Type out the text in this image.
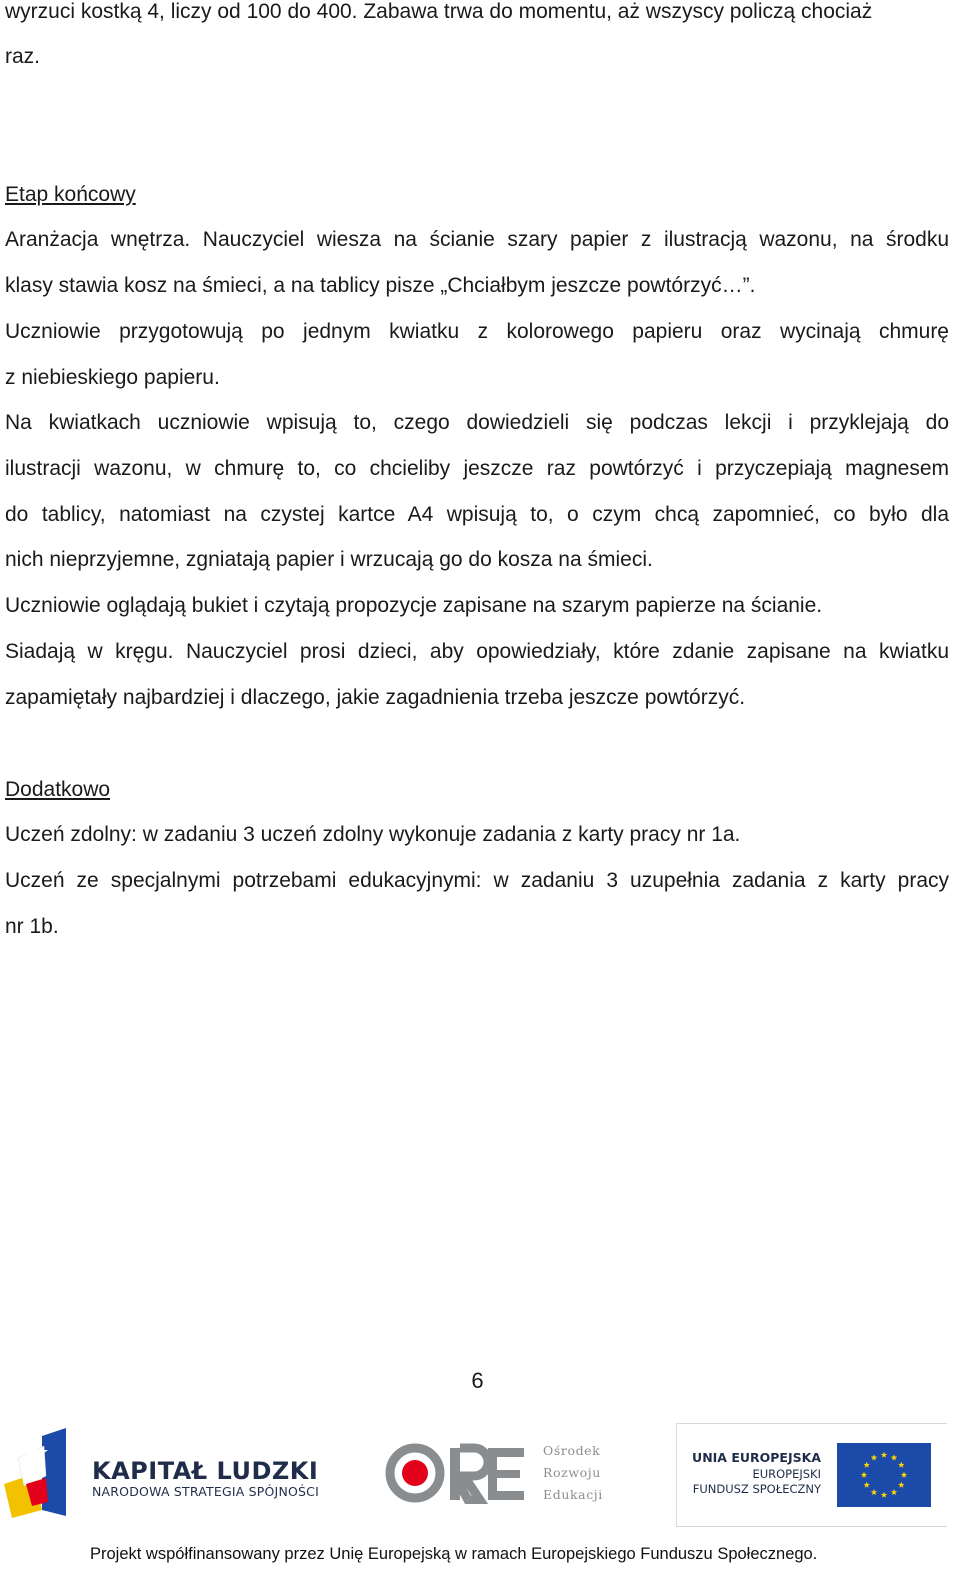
wyrzuci kostką 4, liczy od 100 do 400. Zabawa trwa do momentu, aż wszyscy policzą chociaż
raz.
Etap końcowy
Aranżacja wnętrza. Nauczyciel wiesza na ścianie szary papier z ilustracją wazonu, na środku
klasy stawia kosz na śmieci, a na tablicy pisze „Chciałbym jeszcze powtórzyć…”.
Uczniowie przygotowują po jednym kwiatku z kolorowego papieru oraz wycinają chmurę
z niebieskiego papieru.
Na kwiatkach uczniowie wpisują to, czego dowiedzieli się podczas lekcji i przyklejają do
ilustracji wazonu, w chmurę to, co chcieliby jeszcze raz powtórzyć i przyczepiają magnesem
do tablicy, natomiast na czystej kartce A4 wpisują to, o czym chcą zapomnieć, co było dla
nich nieprzyjemne, zgniatają papier i wrzucają go do kosza na śmieci.
Uczniowie oglądają bukiet i czytają propozycje zapisane na szarym papierze na ścianie.
Siadają w kręgu. Nauczyciel prosi dzieci, aby opowiedziały, które zdanie zapisane na kwiatku
zapamiętały najbardziej i dlaczego, jakie zagadnienia trzeba jeszcze powtórzyć.
Dodatkowo
Uczeń zdolny: w zadaniu 3 uczeń zdolny wykonuje zadania z karty pracy nr 1a.
Uczeń ze specjalnymi potrzebami edukacyjnymi: w zadaniu 3 uzupełnia zadania z karty pracy
nr 1b.
6
KAPITAŁ LUDZKI
NARODOWA STRATEGIA SPÓJNOŚCI
Ośrodek
Rozwoju
Edukacji
UNIA EUROPEJSKA
EUROPEJSKI
FUNDUSZ SPOŁECZNY
Projekt współfinansowany przez Unię Europejską w ramach Europejskiego Funduszu Społecznego.
